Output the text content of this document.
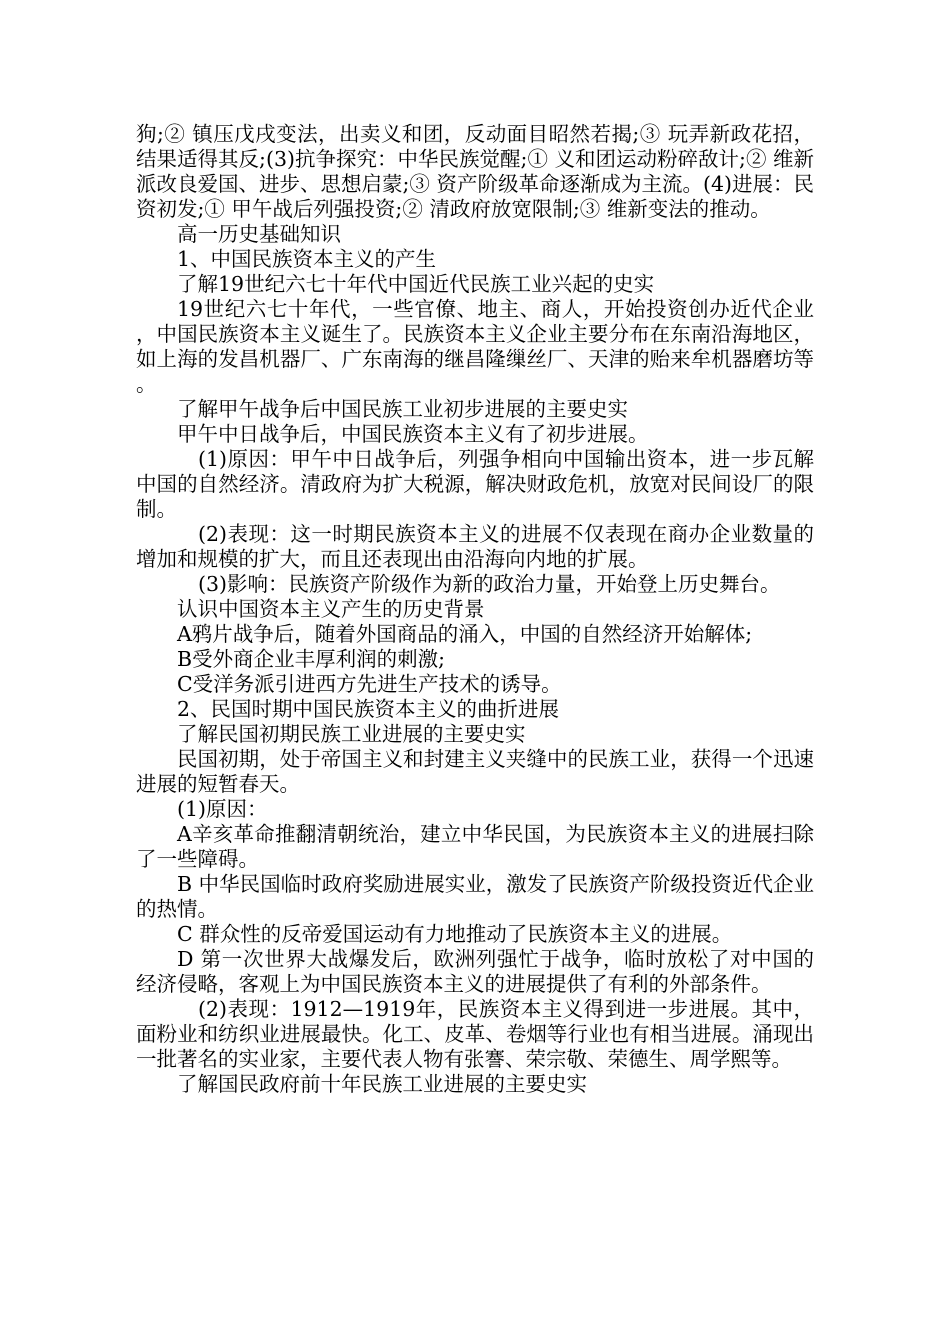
狗;② 镇压戊戌变法，出卖义和团，反动面目昭然若揭;③ 玩弄新政花招，结果适得其反;(3)抗争探究：中华民族觉醒;① 义和团运动粉碎敌计;② 维新派改良爱国、进步、思想启蒙;③ 资产阶级革命逐渐成为主流。(4)进展：民资初发;① 甲午战后列强投资;② 清政府放宽限制;③ 维新变法的推动。

高一历史基础知识

1、中国民族资本主义的产生

了解19世纪六七十年代中国近代民族工业兴起的史实

19世纪六七十年代，一些官僚、地主、商人，开始投资创办近代企业，中国民族资本主义诞生了。民族资本主义企业主要分布在东南沿海地区，如上海的发昌机器厂、广东南海的继昌隆缫丝厂、天津的贻来牟机器磨坊等。

了解甲午战争后中国民族工业初步进展的主要史实

甲午中日战争后，中国民族资本主义有了初步进展。

(1)原因：甲午中日战争后，列强争相向中国输出资本，进一步瓦解中国的自然经济。清政府为扩大税源，解决财政危机，放宽对民间设厂的限制。

(2)表现：这一时期民族资本主义的进展不仅表现在商办企业数量的增加和规模的扩大，而且还表现出由沿海向内地的扩展。

(3)影响：民族资产阶级作为新的政治力量，开始登上历史舞台。

认识中国资本主义产生的历史背景

A鸦片战争后，随着外国商品的涌入，中国的自然经济开始解体;

B受外商企业丰厚利润的刺激;

C受洋务派引进西方先进生产技术的诱导。

2、民国时期中国民族资本主义的曲折进展

了解民国初期民族工业进展的主要史实

民国初期，处于帝国主义和封建主义夹缝中的民族工业，获得一个迅速进展的短暂春天。

(1)原因：

A辛亥革命推翻清朝统治，建立中华民国，为民族资本主义的进展扫除了一些障碍。

B 中华民国临时政府奖励进展实业，激发了民族资产阶级投资近代企业的热情。

C 群众性的反帝爱国运动有力地推动了民族资本主义的进展。

D 第一次世界大战爆发后，欧洲列强忙于战争，临时放松了对中国的经济侵略，客观上为中国民族资本主义的进展提供了有利的外部条件。

(2)表现：1912—1919年，民族资本主义得到进一步进展。其中，面粉业和纺织业进展最快。化工、皮革、卷烟等行业也有相当进展。涌现出一批著名的实业家，主要代表人物有张謇、荣宗敬、荣德生、周学熙等。

了解国民政府前十年民族工业进展的主要史实
